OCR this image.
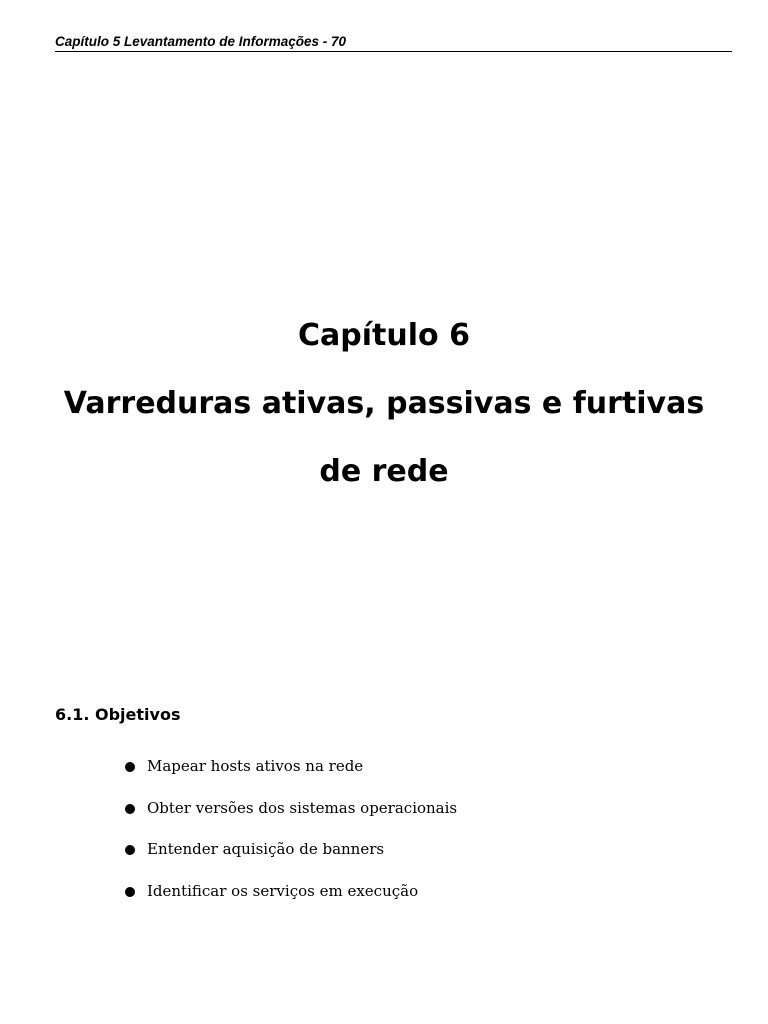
Capítulo 5 Levantamento de Informações - 70
Capítulo 6
Varreduras ativas, passivas e furtivas
de rede
6.1. Objetivos
Mapear hosts ativos na rede
Obter versões dos sistemas operacionais
Entender aquisição de banners
Identificar os serviços em execução
